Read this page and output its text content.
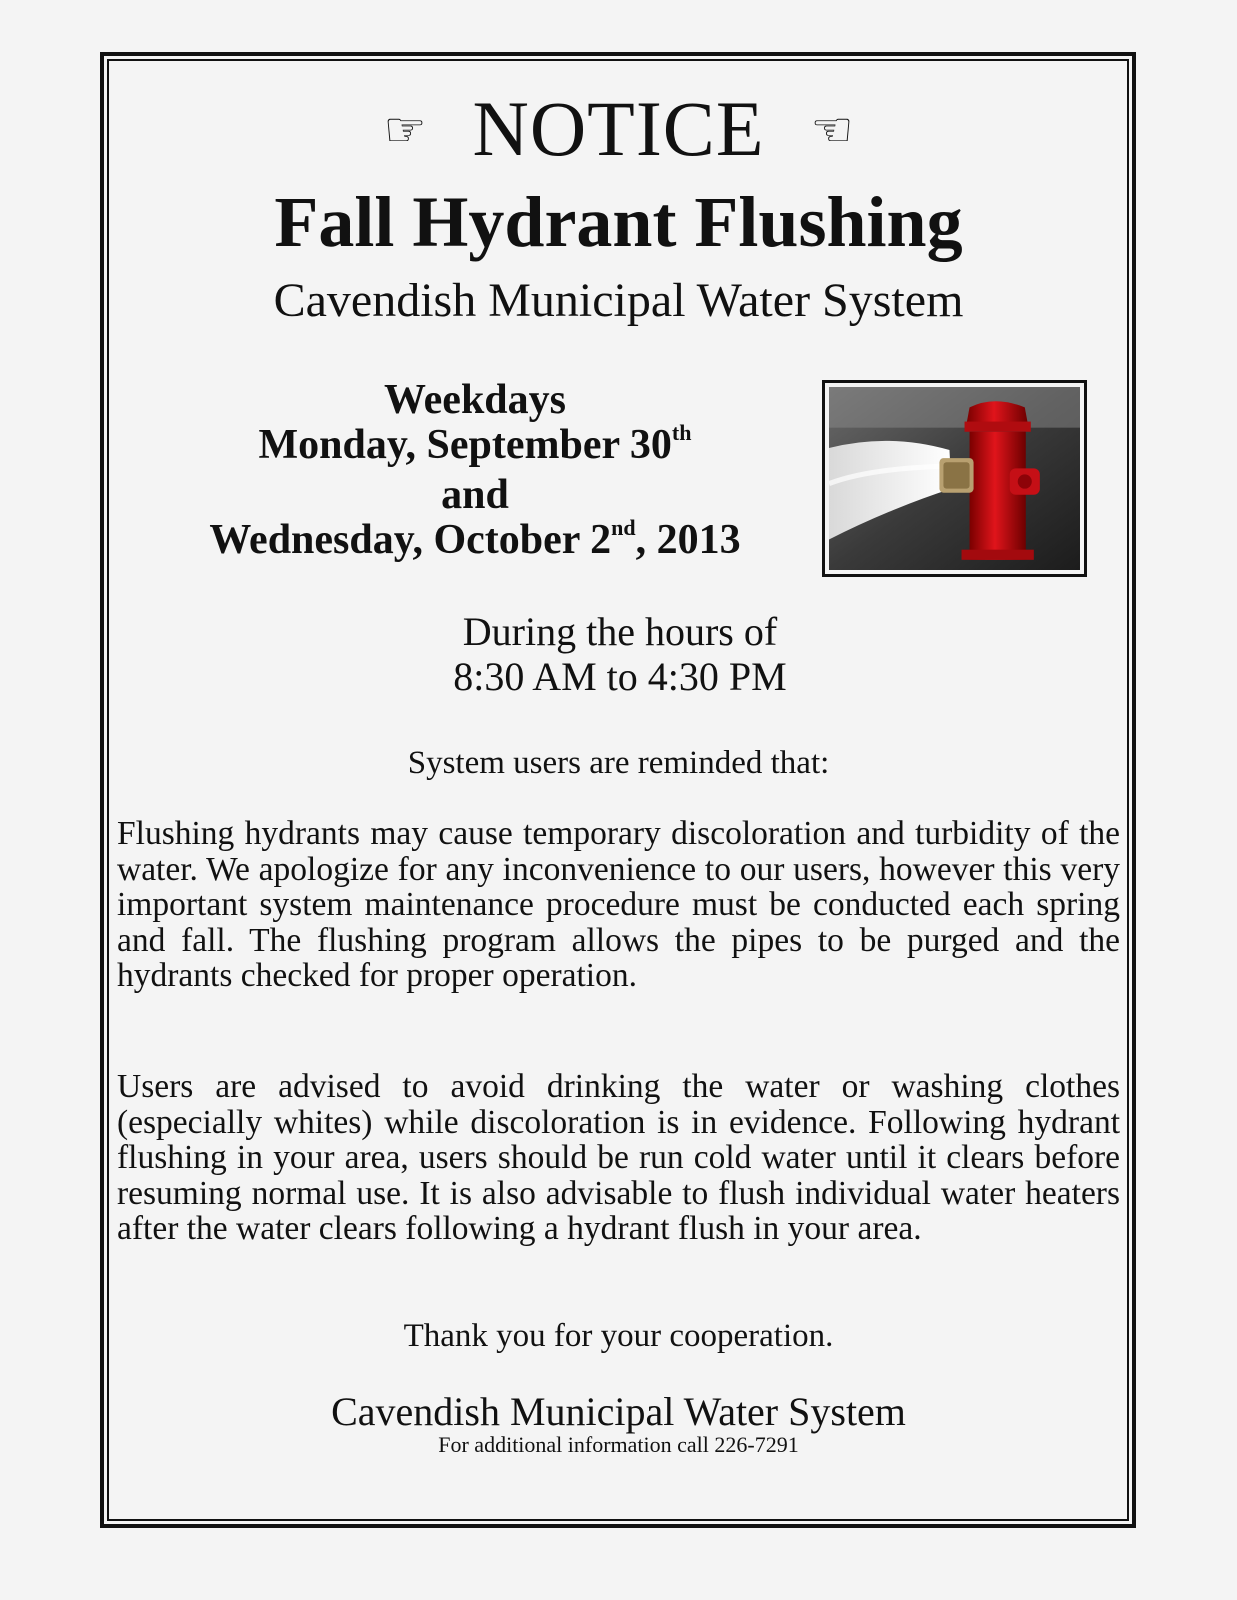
☞ NOTICE ☜
Fall Hydrant Flushing
Cavendish Municipal Water System
Weekdays
Monday, September 30th
and
Wednesday, October 2nd, 2013
During the hours of
8:30 AM to 4:30 PM
System users are reminded that:
Flushing hydrants may cause temporary discoloration and turbidity of the water. We apologize for any inconvenience to our users, however this very important system maintenance procedure must be conducted each spring and fall. The flushing program allows the pipes to be purged and the hydrants checked for proper operation.
Users are advised to avoid drinking the water or washing clothes (especially whites) while discoloration is in evidence. Following hydrant flushing in your area, users should be run cold water until it clears before resuming normal use. It is also advisable to flush individual water heaters after the water clears following a hydrant flush in your area.
Thank you for your cooperation.
Cavendish Municipal Water System
For additional information call 226-7291
